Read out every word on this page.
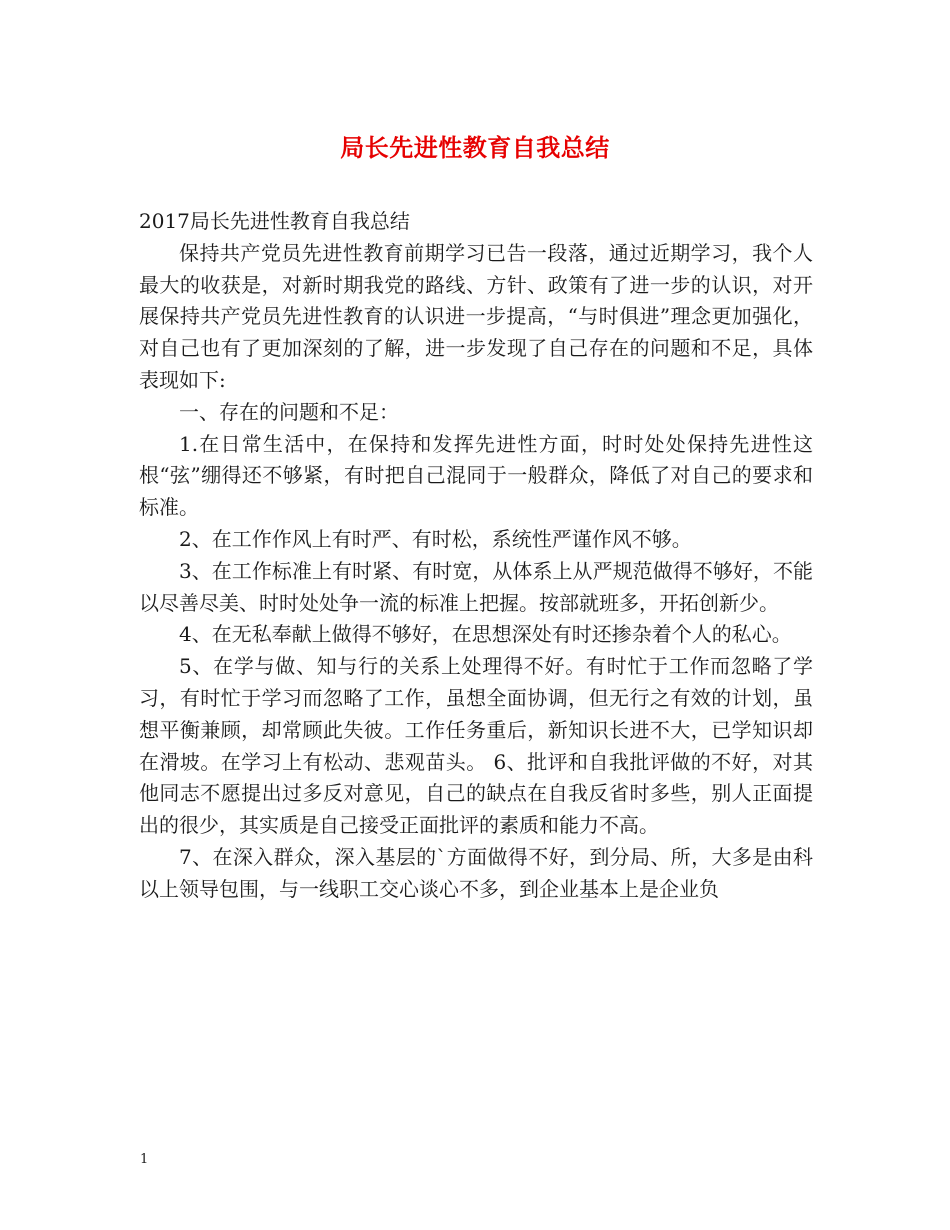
局长先进性教育自我总结

2017局长先进性教育自我总结

保持共产党员先进性教育前期学习已告一段落，通过近期学习，我个人最大的收获是，对新时期我党的路线、方针、政策有了进一步的认识，对开展保持共产党员先进性教育的认识进一步提高，“与时俱进”理念更加强化，对自己也有了更加深刻的了解，进一步发现了自己存在的问题和不足，具体表现如下:

一、存在的问题和不足：

1.在日常生活中，在保持和发挥先进性方面，时时处处保持先进性这根“弦”绷得还不够紧，有时把自己混同于一般群众，降低了对自己的要求和标准。

2、在工作作风上有时严、有时松，系统性严谨作风不够。

3、在工作标准上有时紧、有时宽，从体系上从严规范做得不够好，不能以尽善尽美、时时处处争一流的标准上把握。按部就班多，开拓创新少。

4、在无私奉献上做得不够好，在思想深处有时还掺杂着个人的私心。

5、在学与做、知与行的关系上处理得不好。有时忙于工作而忽略了学习，有时忙于学习而忽略了工作，虽想全面协调，但无行之有效的计划，虽想平衡兼顾，却常顾此失彼。工作任务重后，新知识长进不大，已学知识却在滑坡。在学习上有松动、悲观苗头。 6、批评和自我批评做的不好，对其他同志不愿提出过多反对意见，自己的缺点在自我反省时多些，别人正面提出的很少，其实质是自己接受正面批评的素质和能力不高。

7、在深入群众，深入基层的`方面做得不好，到分局、所，大多是由科以上领导包围，与一线职工交心谈心不多，到企业基本上是企业负

1
